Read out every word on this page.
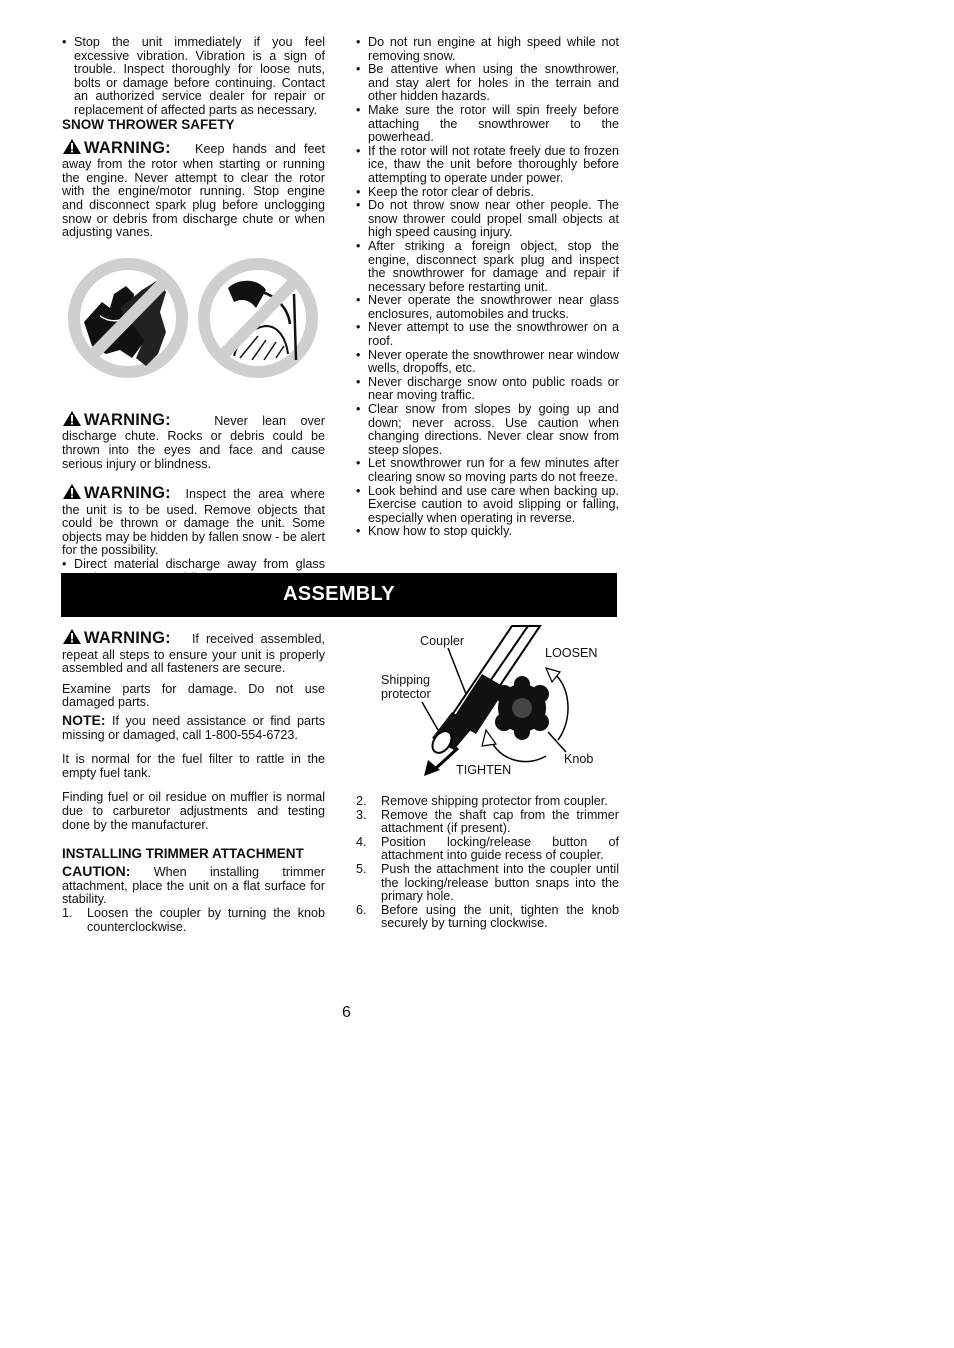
• Stop the unit immediately if you feel excessive vibration. Vibration is a sign of trouble. Inspect thoroughly for loose nuts, bolts or damage before continuing. Contact an authorized service dealer for repair or replacement of affected parts as necessary.
SNOW THROWER SAFETY

WARNING: Keep hands and feet away from the rotor when starting or running the engine. Never attempt to clear the rotor with the engine/motor running. Stop engine and disconnect spark plug before unclogging snow or debris from discharge chute or when adjusting vanes.

WARNING:	Never lean over discharge chute. Rocks or debris could be thrown into the eyes and face and cause serious injury or blindness.

WARNING: Inspect the area where the unit is to be used. Remove objects that could be thrown or damage the unit. Some objects may be hidden by fallen snow - be alert for the possibility.

• Direct material discharge away from glass
• Do not run engine at high speed while not removing snow.
• Be attentive when using the snowthrower, and stay alert for holes in the terrain and other hidden hazards.
• Make sure the rotor will spin freely before attaching the snowthrower to the powerhead.
• If the rotor will not rotate freely due to frozen ice, thaw the unit before thoroughly before attempting to operate under power.
• Keep the rotor clear of debris.
• Do not throw snow near other people. The snow thrower could propel small objects at high speed causing injury.
• After striking a foreign object, stop the engine, disconnect spark plug and inspect the snowthrower for damage and repair if necessary before restarting unit.
• Never operate the snowthrower near glass enclosures, automobiles and trucks.
• Never attempt to use the snowthrower on a roof.
• Never operate the snowthrower near window wells, dropoffs, etc.
• Never discharge snow onto public roads or near moving traffic.
• Clear snow from slopes by going up and down; never across. Use caution when changing directions. Never clear snow from steep slopes.
• Let snowthrower run for a few minutes after clearing snow so moving parts do not freeze.
• Look behind and use care when backing up. Exercise caution to avoid slipping or falling, especially when operating in reverse.
• Know how to stop quickly.
ASSEMBLY

WARNING: If received assembled, repeat all steps to ensure your unit is properly assembled and all fasteners are secure.

Examine parts for damage. Do not use damaged parts.

NOTE: If you need assistance or find parts missing or damaged, call 1-800-554-6723.

It is normal for the fuel filter to rattle in the empty fuel tank.

Finding fuel or oil residue on muffler is normal due to carburetor adjustments and testing done by the manufacturer.

INSTALLING TRIMMER ATTACHMENT

CAUTION: When installing trimmer attachment, place the unit on a flat surface for stability.

1. Loosen the coupler by turning the knob counterclockwise.
Coupler
LOOSEN
Shipping
protector
Knob
TIGHTEN
2. Remove shipping protector from coupler.
3. Remove the shaft cap from the trimmer attachment (if present).
4. Position locking/release button of attachment into guide recess of coupler.
5. Push the attachment into the coupler until the locking/release button snaps into the primary hole.
6. Before using the unit, tighten the knob securely by turning clockwise.
6
